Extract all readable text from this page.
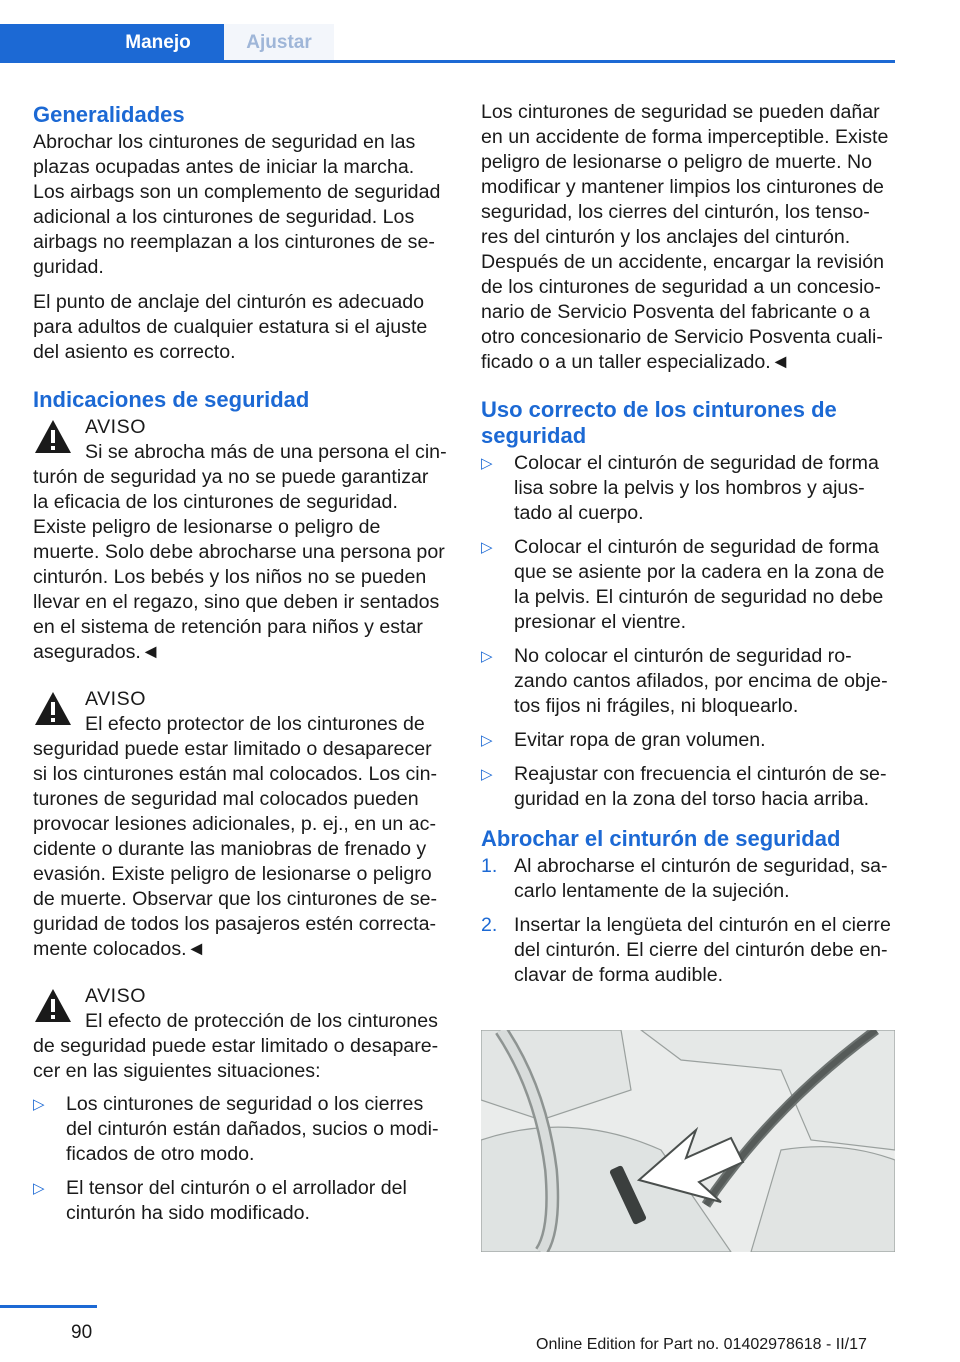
Manejo	Ajustar
Generalidades

Abrochar los cinturones de seguridad en las plazas ocupadas antes de iniciar la marcha. Los airbags son un complemento de seguridad adicional a los cinturones de seguridad. Los airbags no reemplazan a los cinturones de se‐guridad.

El punto de anclaje del cinturón es adecuado para adultos de cualquier estatura si el ajuste del asiento es correcto.

Indicaciones de seguridad
AVISO
Si se abrocha más de una persona el cin‐turón de seguridad ya no se puede garantizar la eficacia de los cinturones de seguridad. Existe peligro de lesionarse o peligro de muerte. Solo debe abrocharse una persona por cinturón. Los bebés y los niños no se pueden llevar en el regazo, sino que deben ir sentados en el sistema de retención para niños y estar asegurados.◄
AVISO
El efecto protector de los cinturones de seguridad puede estar limitado o desaparecer si los cinturones están mal colocados. Los cin‐turones de seguridad mal colocados pueden provocar lesiones adicionales, p. ej., en un ac‐cidente o durante las maniobras de frenado y evasión. Existe peligro de lesionarse o peligro de muerte. Observar que los cinturones de se‐guridad de todos los pasajeros estén correcta‐mente colocados.◄
AVISO
El efecto de protección de los cinturones de seguridad puede estar limitado o desapare‐cer en las siguientes situaciones:
▷ Los cinturones de seguridad o los cierres del cinturón están dañados, sucios o modi‐ficados de otro modo.
▷ El tensor del cinturón o el arrollador del cinturón ha sido modificado.

Los cinturones de seguridad se pueden dañar en un accidente de forma imperceptible. Existe peligro de lesionarse o peligro de muerte. No modificar y mantener limpios los cinturones de seguridad, los cierres del cinturón, los tenso‐res del cinturón y los anclajes del cinturón. Después de un accidente, encargar la revisión de los cinturones de seguridad a un concesio‐nario de Servicio Posventa del fabricante o a otro concesionario de Servicio Posventa cuali‐ficado o a un taller especializado.◄

Uso correcto de los cinturones de seguridad
▷ Colocar el cinturón de seguridad de forma lisa sobre la pelvis y los hombros y ajus‐tado al cuerpo.
▷ Colocar el cinturón de seguridad de forma que se asiente por la cadera en la zona de la pelvis. El cinturón de seguridad no debe presionar el vientre.
▷ No colocar el cinturón de seguridad ro‐zando cantos afilados, por encima de obje‐tos fijos ni frágiles, ni bloquearlo.
▷ Evitar ropa de gran volumen.
▷ Reajustar con frecuencia el cinturón de se‐guridad en la zona del torso hacia arriba.
Abrochar el cinturón de seguridad
1. Al abrocharse el cinturón de seguridad, sa‐carlo lentamente de la sujeción.
2. Insertar la lengüeta del cinturón en el cierre del cinturón. El cierre del cinturón debe en‐clavar de forma audible.
90
Online Edition for Part no. 01402978618 - II/17
